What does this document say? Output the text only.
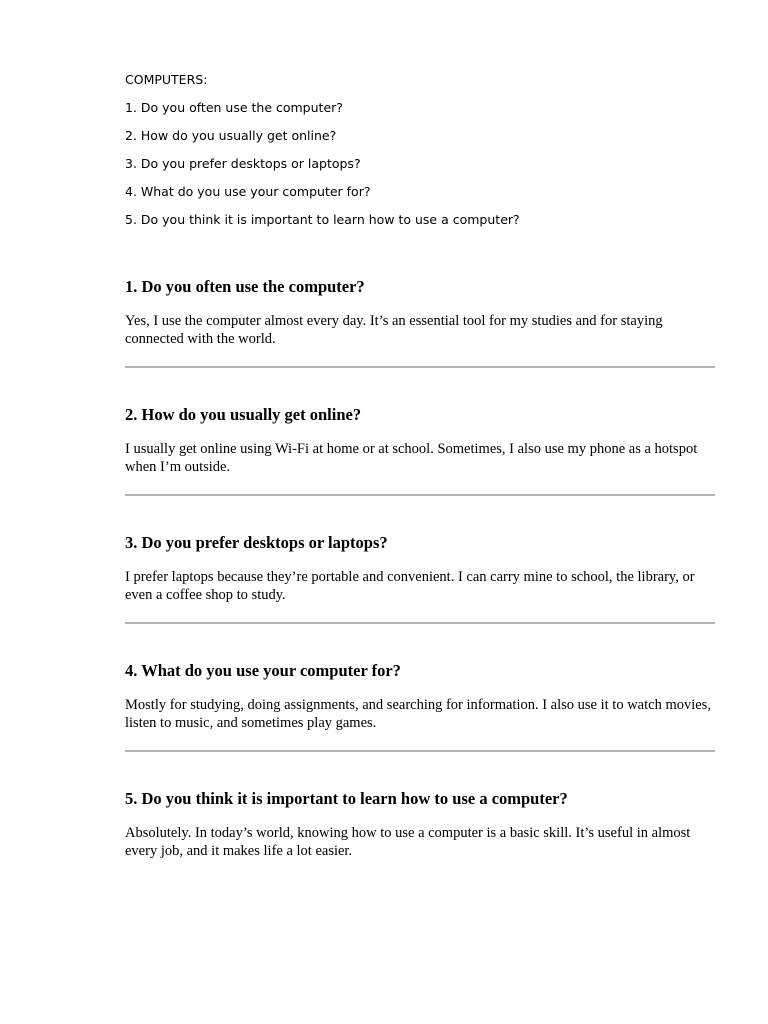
COMPUTERS:

1. Do you often use the computer?
2. How do you usually get online?
3. Do you prefer desktops or laptops?
4. What do you use your computer for?
5. Do you think it is important to learn how to use a computer?
1. Do you often use the computer?

Yes, I use the computer almost every day. It’s an essential tool for my studies and for staying connected with the world.

2. How do you usually get online?

I usually get online using Wi-Fi at home or at school. Sometimes, I also use my phone as a hotspot when I’m outside.

3. Do you prefer desktops or laptops?

I prefer laptops because they’re portable and convenient. I can carry mine to school, the library, or even a coffee shop to study.

4. What do you use your computer for?

Mostly for studying, doing assignments, and searching for information. I also use it to watch movies, listen to music, and sometimes play games.

5. Do you think it is important to learn how to use a computer?

Absolutely. In today’s world, knowing how to use a computer is a basic skill. It’s useful in almost every job, and it makes life a lot easier.
